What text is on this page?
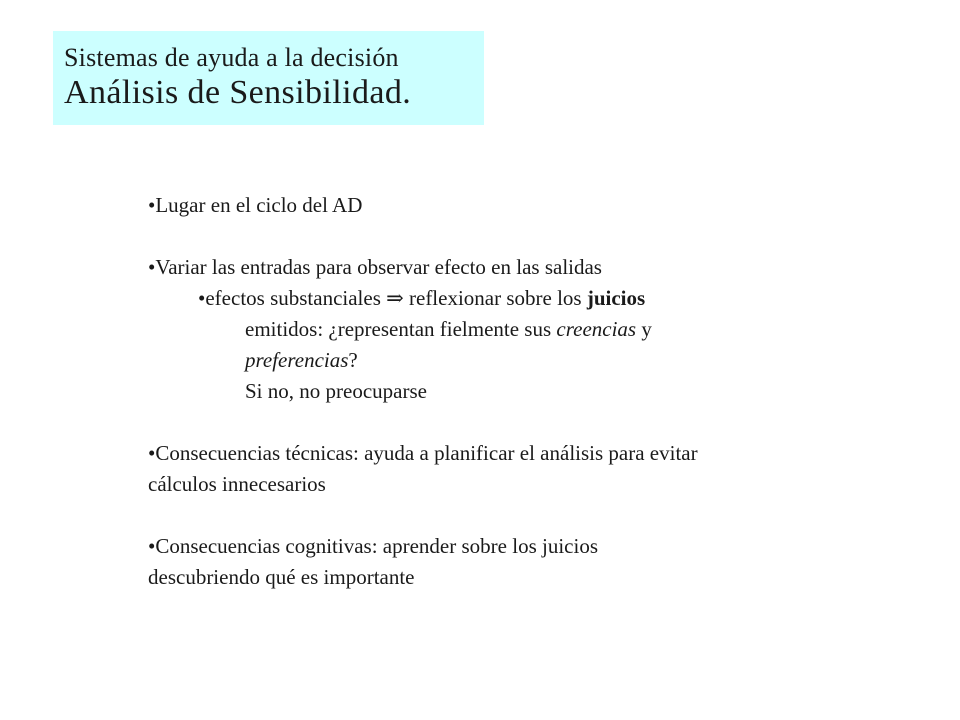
Sistemas de ayuda a la decisión
Análisis de Sensibilidad.
•Lugar en el ciclo del AD
•Variar las entradas para observar efecto en las salidas
•efectos substanciales ⇒ reflexionar sobre los juicios
emitidos: ¿representan fielmente sus creencias y
preferencias?
Si no, no preocuparse
•Consecuencias técnicas: ayuda a planificar el análisis para evitar
cálculos innecesarios
•Consecuencias cognitivas: aprender sobre los juicios
descubriendo qué es importante
